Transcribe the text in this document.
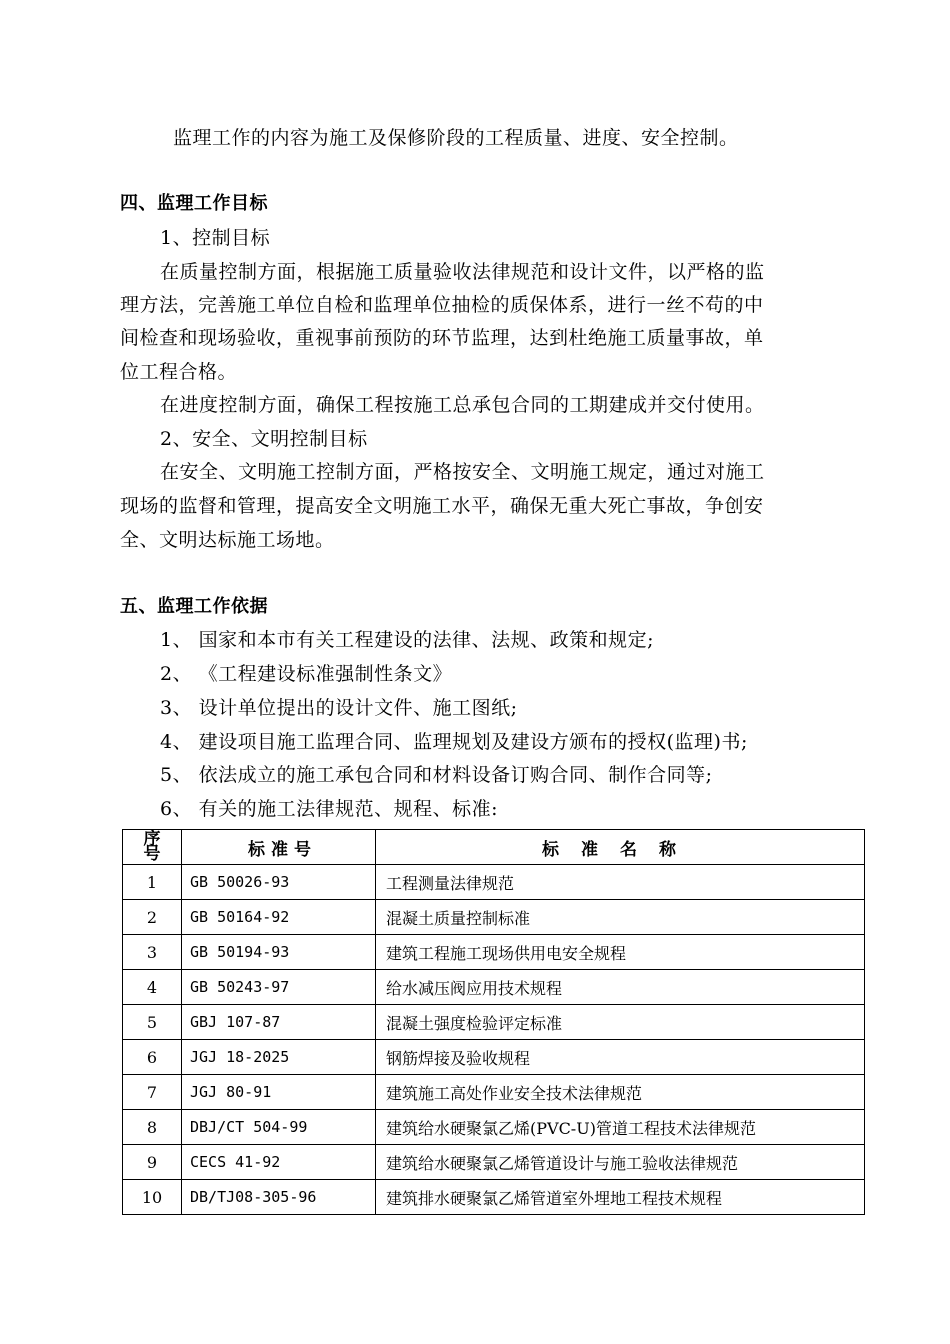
监理工作的内容为施工及保修阶段的工程质量、进度、安全控制。
四、监理工作目标
1、控制目标
在质量控制方面，根据施工质量验收法律规范和设计文件，以严格的监
理方法，完善施工单位自检和监理单位抽检的质保体系，进行一丝不苟的中
间检查和现场验收，重视事前预防的环节监理，达到杜绝施工质量事故，单
位工程合格。
在进度控制方面，确保工程按施工总承包合同的工期建成并交付使用。
2、安全、文明控制目标
在安全、文明施工控制方面，严格按安全、文明施工规定，通过对施工
现场的监督和管理，提高安全文明施工水平，确保无重大死亡事故，争创安
全、文明达标施工场地。
五、监理工作依据
1、 国家和本市有关工程建设的法律、法规、政策和规定;
2、 《工程建设标准强制性条文》
3、 设计单位提出的设计文件、施工图纸;
4、 建设项目施工监理合同、监理规划及建设方颁布的授权(监理)书;
5、 依法成立的施工承包合同和材料设备订购合同、制作合同等;
6、 有关的施工法律规范、规程、标准:
序
号	标准号	标准名称
1	GB 50026-93	工程测量法律规范
2	GB 50164-92	混凝土质量控制标准
3	GB 50194-93	建筑工程施工现场供用电安全规程
4	GB 50243-97	给水减压阀应用技术规程
5	GBJ 107-87	混凝土强度检验评定标准
6	JGJ 18-2025	钢筋焊接及验收规程
7	JGJ 80-91	建筑施工高处作业安全技术法律规范
8	DBJ/CT 504-99	建筑给水硬聚氯乙烯(PVC-U)管道工程技术法律规范
9	CECS 41-92	建筑给水硬聚氯乙烯管道设计与施工验收法律规范
10	DB/TJ08-305-96	建筑排水硬聚氯乙烯管道室外埋地工程技术规程
